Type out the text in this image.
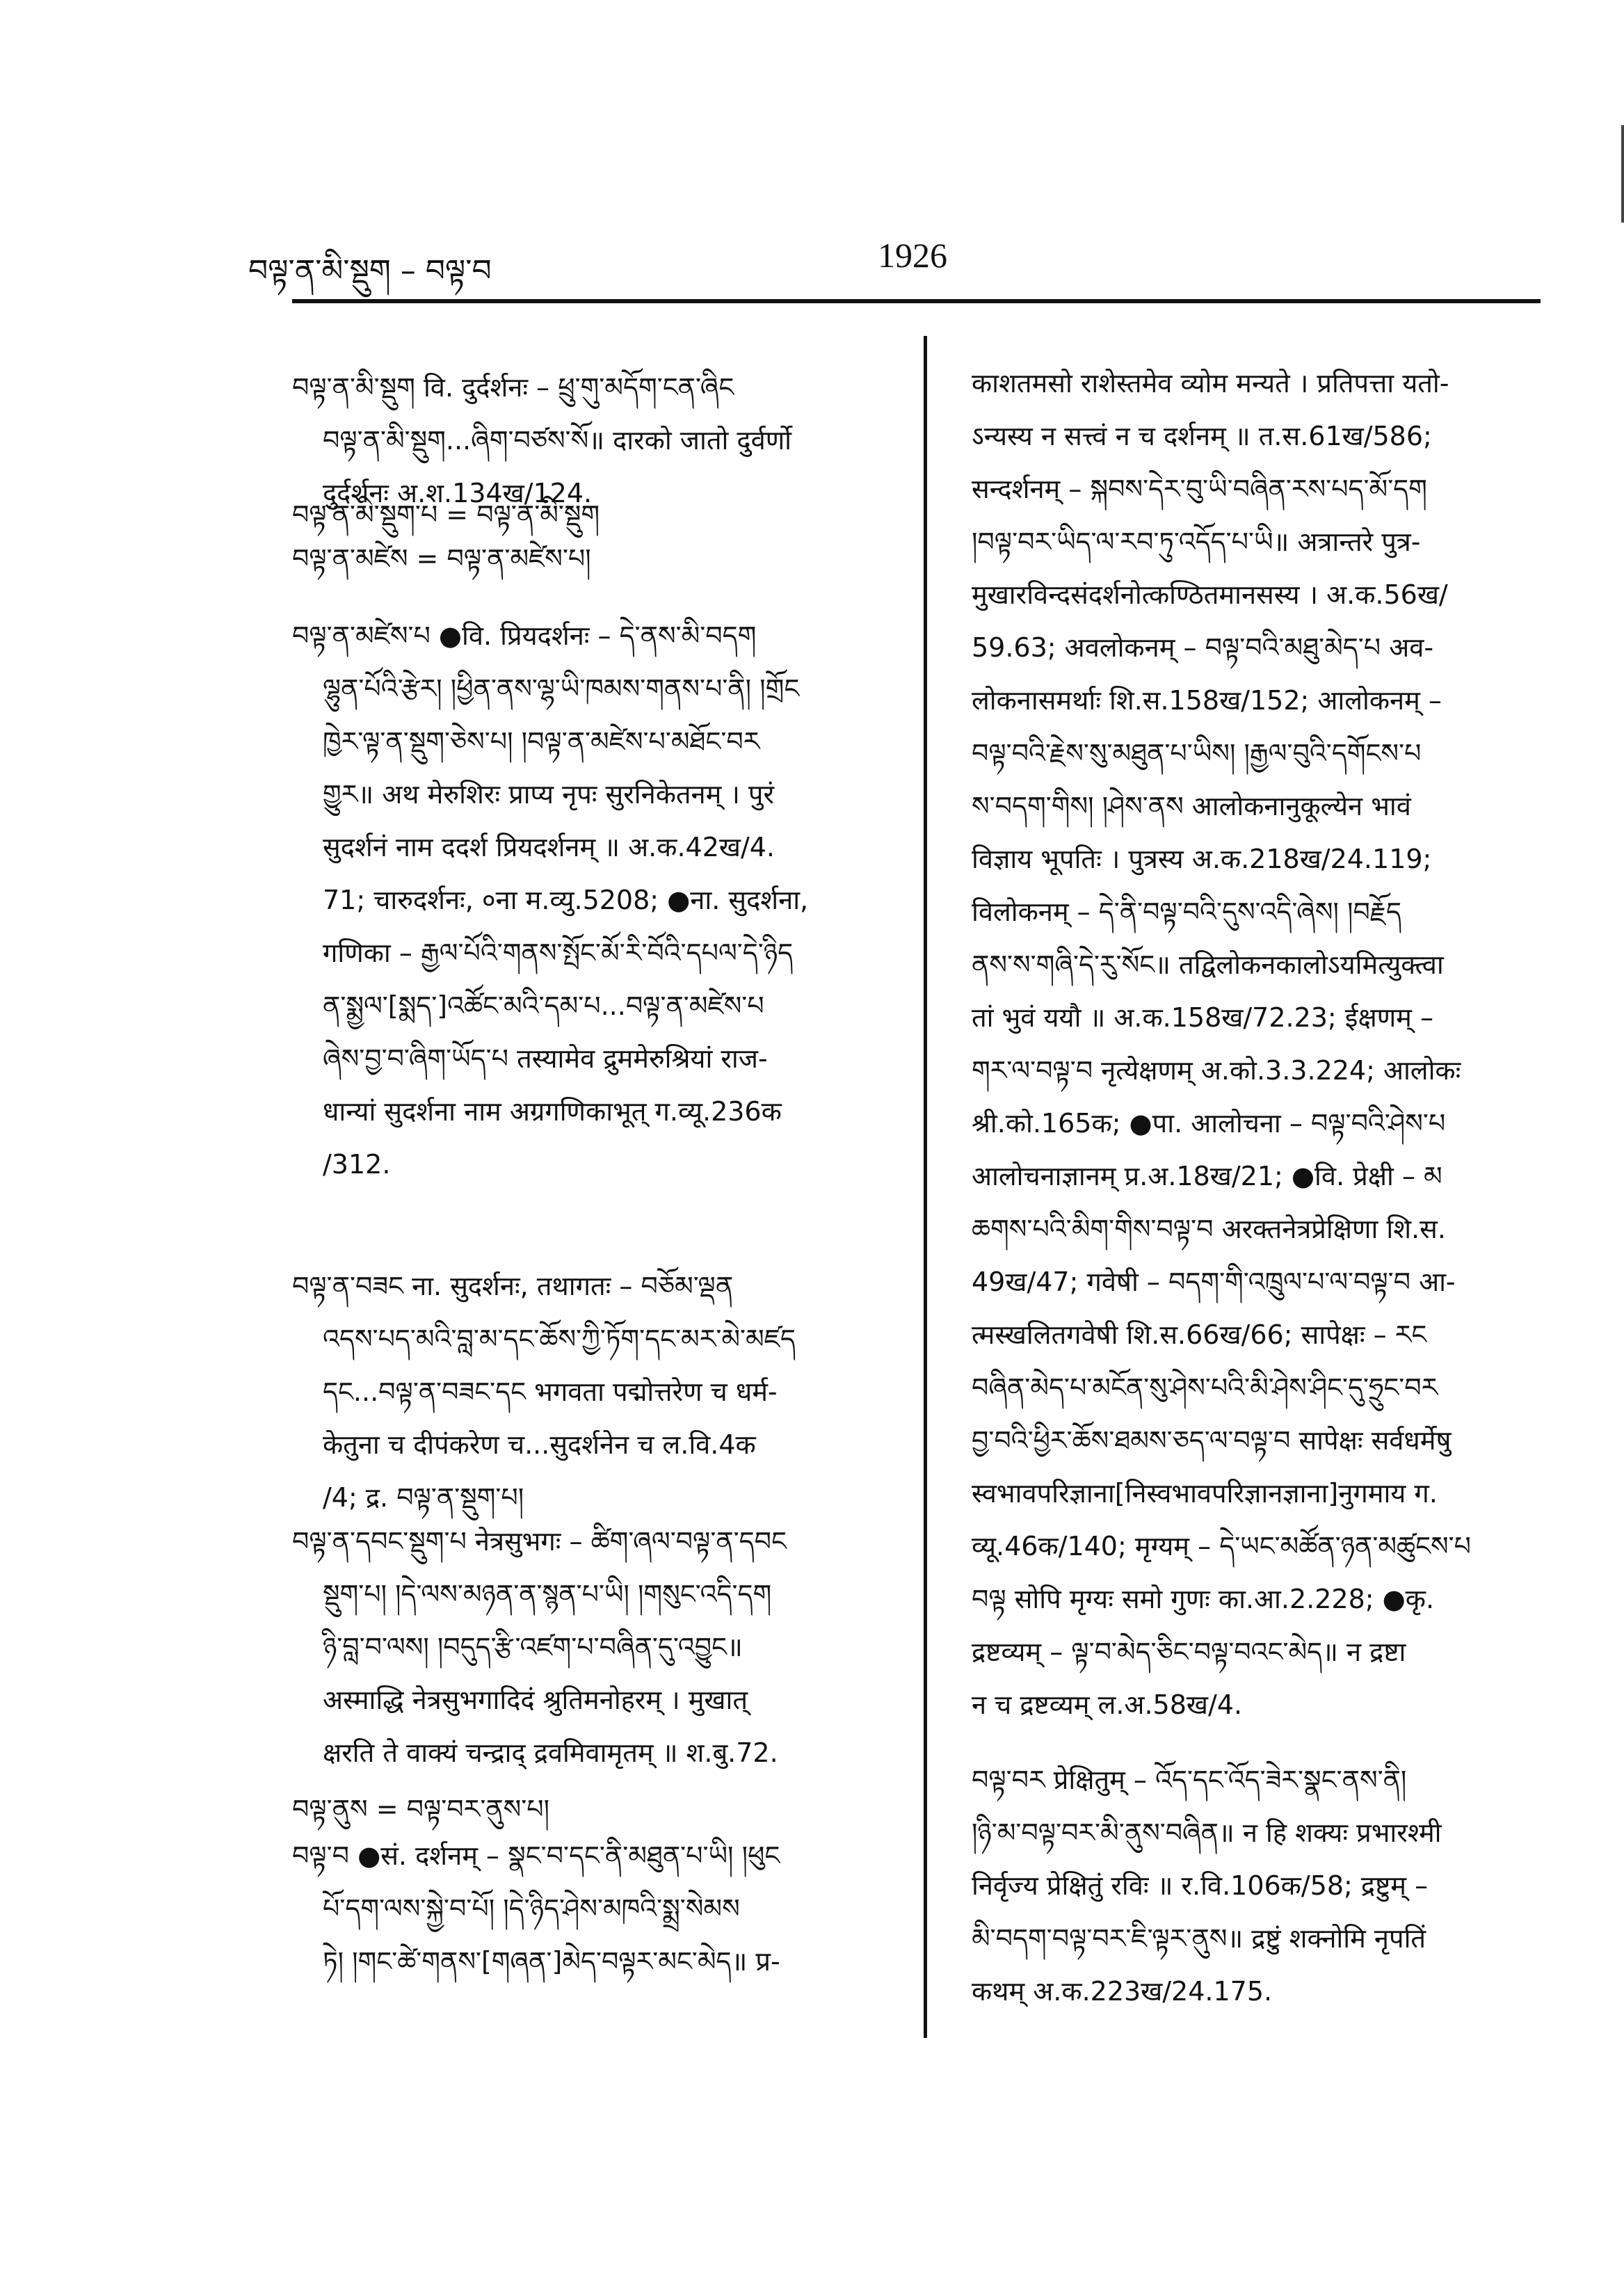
བལྟ་ན་མི་སྡུག – བལྟ་བ	1926
བལྟ་ན་མི་སྡུག वि. दुर्दर्शनः – ཕྲུ་གུ་མདོག་ངན་ཞིང
བལྟ་ན་མི་སྡུག...ཞིག་བཙས་སོ॥ दारको जातो दुर्वर्णो
दुर्दर्शनः अ.श.134ख/124.
བལྟ་ན་མི་སྡུག་པ = བལྟ་ན་མི་སྡུག
བལྟ་ན་མཛེས = བལྟ་ན་མཛེས་པ།
བལྟ་ན་མཛེས་པ ●वि. प्रियदर्शनः – དེ་ནས་མི་བདག
ལྷུན་པོའི་རྩེར། །ཕྱིན་ནས་ལྷ་ཡི་ཁམས་གནས་པ་ནི། །གྲོང
ཁྱེར་ལྟ་ན་སྡུག་ཅེས་པ། །བལྟ་ན་མཛེས་པ་མཐོང་བར
གྱུར॥ अथ मेरुशिरः प्राप्य नृपः सुरनिकेतनम् । पुरं
सुदर्शनं नाम ददर्श प्रियदर्शनम् ॥ अ.क.42ख/4.
71; चारुदर्शनः, ०ना म.व्यु.5208; ●ना. सुदर्शना,
गणिका – རྒྱལ་པོའི་གནས་སྤོང་མོ་རི་བོའི་དཔལ་དེ་ཉིད
ན་སྨྱལ་[སྨད་]འཚོང་མའི་དམ་པ...བལྟ་ན་མཛེས་པ
ཞེས་བྱ་བ་ཞིག་ཡོད་པ तस्यामेव द्रुममेरुश्रियां राज-
धान्यां सुदर्शना नाम अग्रगणिकाभूत् ग.व्यू.236क
/312.
བལྟ་ན་བཟང ना. सुदर्शनः, तथागतः – བཅོམ་ལྡན
འདས་པད་མའི་བླ་མ་དང་ཆོས་ཀྱི་ཏོག་དང་མར་མེ་མཛད
དང...བལྟ་ན་བཟང་དང भगवता पद्मोत्तरेण च धर्म-
केतुना च दीपंकरेण च...सुदर्शनेन च ल.वि.4क
/4; द्र. བལྟ་ན་སྡུག་པ།
བལྟ་ན་དབང་སྡུག་པ नेत्रसुभगः – ཚིག་ཞལ་བལྟ་ན་དབང
སྡུག་པ། །དེ་ལས་མཉན་ན་སྙན་པ་ཡི། །གསུང་འདི་དག
ཉི་བླ་བ་ལས། །བདུད་རྩི་འཛག་པ་བཞིན་དུ་འབྱུང॥
अस्माद्धि नेत्रसुभगादिदं श्रुतिमनोहरम् । मुखात्
क्षरति ते वाक्यं चन्द्राद् द्रवमिवामृतम् ॥ श.बु.72.
བལྟ་ནུས = བལྟ་བར་ནུས་པ།
བལྟ་བ ●सं. दर्शनम् – སྣང་བ་དང་ནི་མཐུན་པ་ཡི། །ཕུང
པོ་དག་ལས་སྐྱེ་བ་པོ། །དེ་ཉིད་ཤེས་མཁའི་སྨྲ་སེམས
ཏེ། །གང་ཚེ་གནས་[གཞན་]མེད་བལྟར་མང་མེད॥ प्र-
काशतमसो राशेस्तमेव व्योम मन्यते । प्रतिपत्ता यतो-
ऽन्यस्य न सत्त्वं न च दर्शनम् ॥ त.स.61ख/586;
सन्दर्शनम् – སྐབས་དེར་བུ་ཡི་བཞིན་རས་པད་མོ་དག
།བལྟ་བར་ཡིད་ལ་རབ་ཏུ་འདོད་པ་ཡི॥ अत्रान्तरे पुत्र-
मुखारविन्दसंदर्शनोत्कण्ठितमानसस्य । अ.क.56ख/
59.63; अवलोकनम् – བལྟ་བའི་མཐུ་མེད་པ अव-
लोकनासमर्थाः शि.स.158ख/152; आलोकनम् –
བལྟ་བའི་རྗེས་སུ་མཐུན་པ་ཡིས། །རྒྱལ་བུའི་དགོངས་པ
ས་བདག་གིས། །ཤེས་ནས आलोकनानुकूल्येन भावं
विज्ञाय भूपतिः । पुत्रस्य अ.क.218ख/24.119;
विलोकनम् – དེ་ནི་བལྟ་བའི་དུས་འདི་ཞེས། །བརྗོད
ནས་ས་གཞི་དེ་རུ་སོང॥ तद्विलोकनकालोऽयमित्युक्त्वा
तां भुवं ययौ ॥ अ.क.158ख/72.23; ईक्षणम् –
གར་ལ་བལྟ་བ नृत्येक्षणम् अ.को.3.3.224; आलोकः
श्री.को.165क; ●पा. आलोचना – བལྟ་བའི་ཤེས་པ
आलोचनाज्ञानम् प्र.अ.18ख/21; ●वि. प्रेक्षी – མ
ཆགས་པའི་མིག་གིས་བལྟ་བ अरक्तनेत्रप्रेक्षिणा शि.स.
49ख/47; गवेषी – བདག་གི་འཁྲུལ་པ་ལ་བལྟ་བ आ-
त्मस्खलितगवेषी शि.स.66ख/66; सापेक्षः – རང
བཞིན་མེད་པ་མངོན་སུ་ཤེས་པའི་མི་ཤེས་ཤིང་དུ་ཧྲུང་བར
བྱ་བའི་ཕྱིར་ཆོས་ཐམས་ཅད་ལ་བལྟ་བ सापेक्षः सर्वधर्मेषु
स्वभावपरिज्ञाना[निस्वभावपरिज्ञानज्ञाना]नुगमाय ग.
व्यू.46क/140; मृग्यम् – དེ་ཡང་མཚོན་ཉན་མཚུངས་པ
བལྟ सोपि मृग्यः समो गुणः का.आ.2.228; ●कृ.
द्रष्टव्यम् – ལྟ་བ་མེད་ཅིང་བལྟ་བའང་མེད॥ न द्रष्टा
न च द्रष्टव्यम् ल.अ.58ख/4.
བལྟ་བར प्रेक्षितुम् – འོད་དང་འོད་ཟེར་སྣང་ནས་ནི།
།ཉི་མ་བལྟ་བར་མི་ནུས་བཞིན॥ न हि शक्यः प्रभारश्मी
निर्वृज्य प्रेक्षितुं रविः ॥ र.वि.106क/58; द्रष्टुम् –
མི་བདག་བལྟ་བར་ཇི་ལྟར་ནུས॥ द्रष्टुं शक्नोमि नृपतिं
कथम् अ.क.223ख/24.175.
